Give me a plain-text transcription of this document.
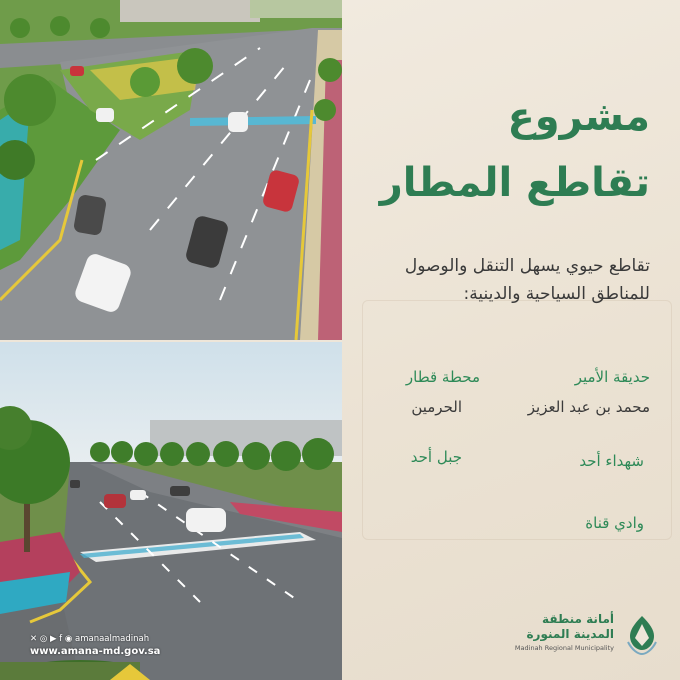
مشروع
تقاطع المطار
تقاطع حيوي يسهل التنقل والوصول
للمناطق السياحية والدينية:
حديقة الأمير
محمد بن عبد العزيز
محطة قطار
الحرمين
شهداء أحد
جبل أحد
وادي قناة
أمانة منطقة
المدينة المنورة
Madinah Regional Municipality
✕ ◎ ▶ f ◉ amanaalmadinah
www.amana-md.gov.sa
